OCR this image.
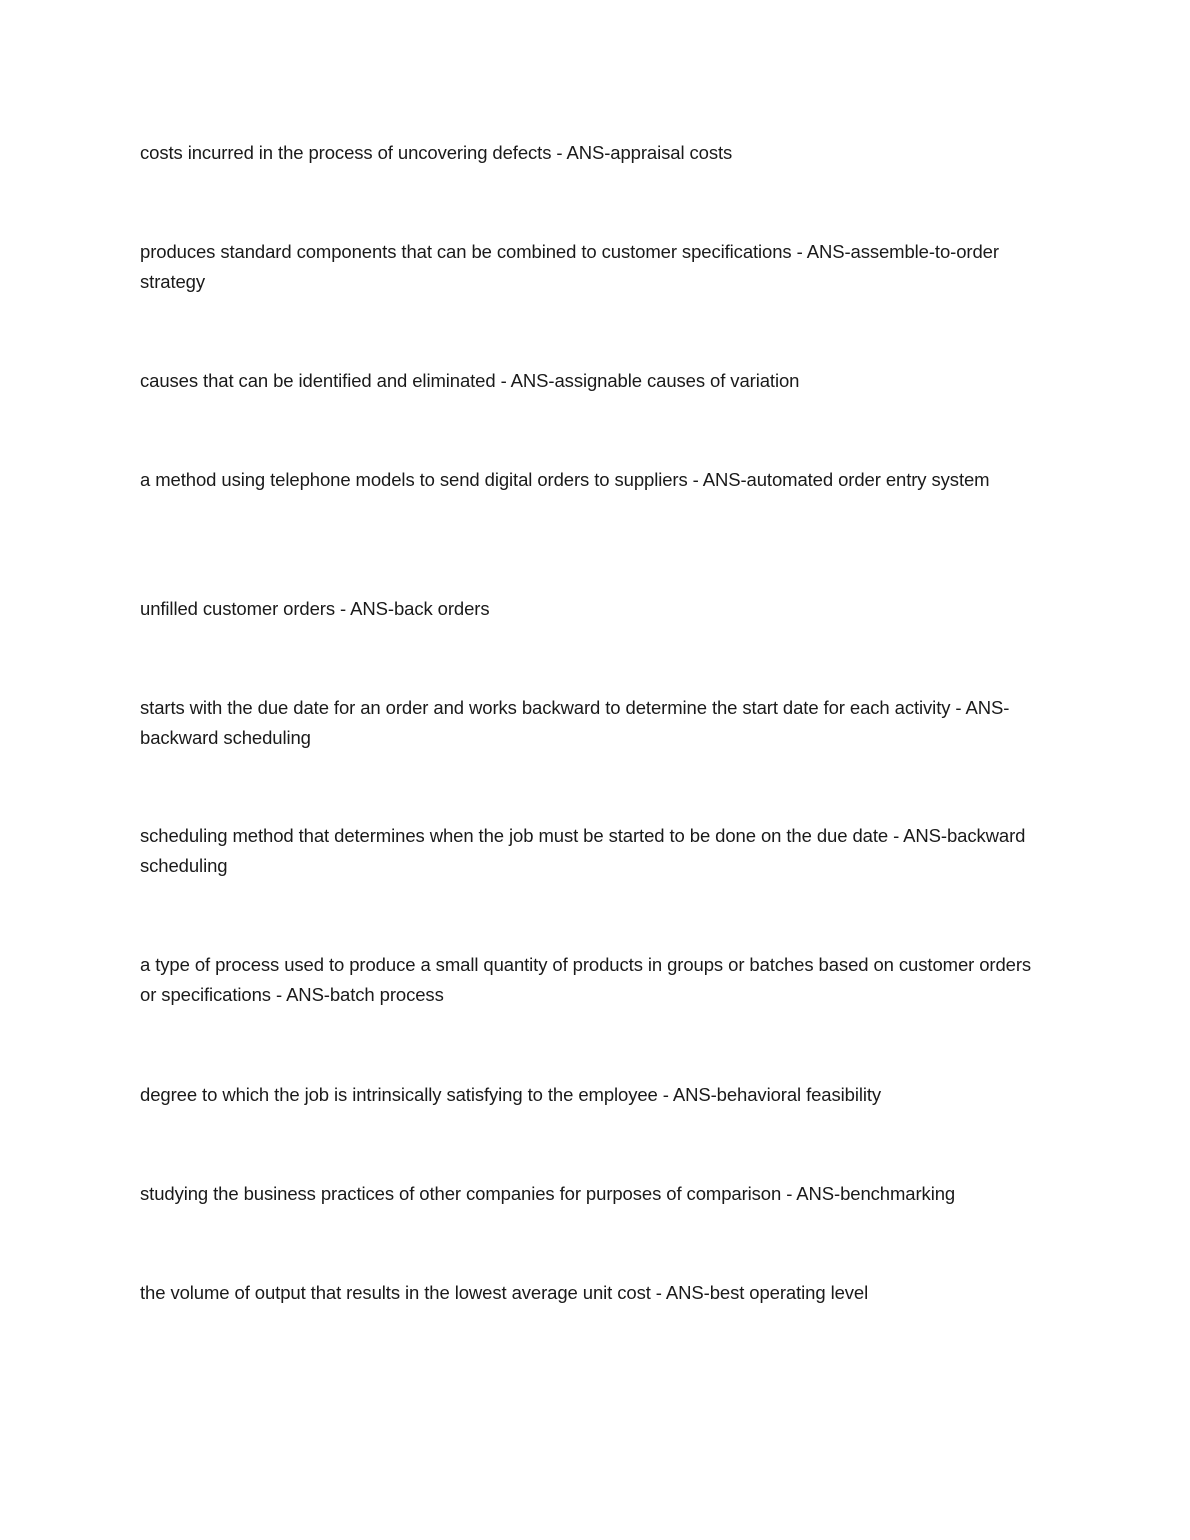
costs incurred in the process of uncovering defects - ANS-appraisal costs

produces standard components that can be combined to customer specifications - ANS-assemble-to-order strategy

causes that can be identified and eliminated - ANS-assignable causes of variation

a method using telephone models to send digital orders to suppliers - ANS-automated order entry system

unfilled customer orders - ANS-back orders

starts with the due date for an order and works backward to determine the start date for each activity - ANS-backward scheduling

scheduling method that determines when the job must be started to be done on the due date - ANS-backward scheduling

a type of process used to produce a small quantity of products in groups or batches based on customer orders or specifications - ANS-batch process

degree to which the job is intrinsically satisfying to the employee - ANS-behavioral feasibility

studying the business practices of other companies for purposes of comparison - ANS-benchmarking

the volume of output that results in the lowest average unit cost - ANS-best operating level
